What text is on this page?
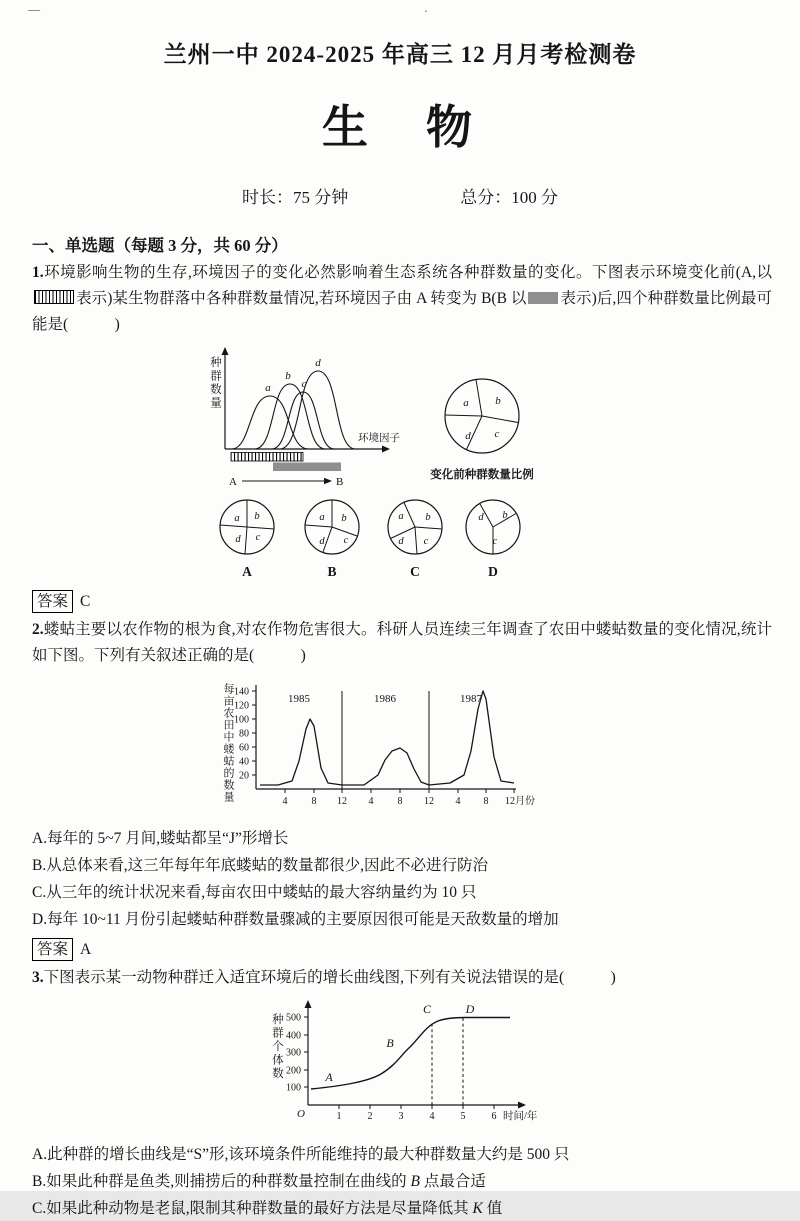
—	·
兰州一中 2024-2025 年高三 12 月月考检测卷
生　物
时长：75 分钟	总分：100 分
一、单选题（每题 3 分，共 60 分）

1.环境影响生物的生存,环境因子的变化必然影响着生态系统各种群数量的变化。下图表示环境变化前(A,以表示)某生物群落中各种群数量情况,若环境因子由 A 转变为 B(B 以 表示)后,四个种群数量比例最可能是(　　　)

种群数量
环境因子
a
b
c
d
A	B
a b
d c
变化前种群数量比例
a b
d c
A
a b
d c
B
a b
d c
C
d b
c
D

答案 C

2.蝼蛄主要以农作物的根为食,对农作物危害很大。科研人员连续三年调查了农田中蝼蛄数量的变化情况,统计如下图。下列有关叙述正确的是(　　　)

每亩农田中蝼蛄的数量 20
40
60
80
100
120
140
4 8 12 4 8 12 4 8 12月份
1985	1986	1987

A.每年的 5~7 月间,蝼蛄都呈“J”形增长

B.从总体来看,这三年每年年底蝼蛄的数量都很少,因此不必进行防治

C.从三年的统计状况来看,每亩农田中蝼蛄的最大容纳量约为 10 只

D.每年 10~11 月份引起蝼蛄种群数量骤减的主要原因很可能是天敌数量的增加

答案 A

3.下图表示某一动物种群迁入适宜环境后的增长曲线图,下列有关说法错误的是(　　　)

种群个体数
100
200
300
400
500
1	2	3	4	5	6
O	时间/年
A
B
C	D

A.此种群的增长曲线是“S”形,该环境条件所能维持的最大种群数量大约是 500 只

B.如果此种群是鱼类,则捕捞后的种群数量控制在曲线的 B 点最合适

C.如果此种动物是老鼠,限制其种群数量的最好方法是尽量降低其 K 值
